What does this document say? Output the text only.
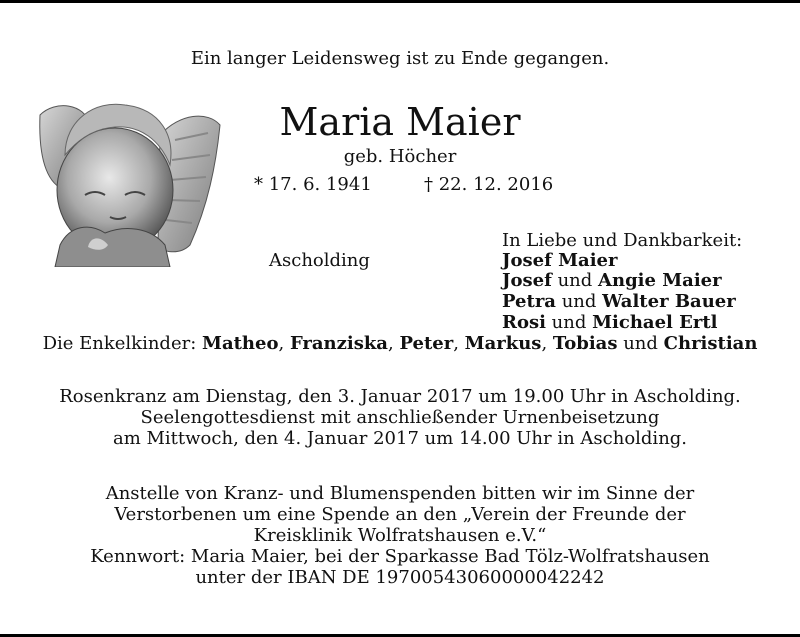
Ein langer Leidensweg ist zu Ende gegangen.
Maria Maier
geb. Höcher
* 17. 6. 1941	† 22. 12. 2016
Ascholding
In Liebe und Dankbarkeit:
Josef Maier
Josef und Angie Maier
Petra und Walter Bauer
Rosi und Michael Ertl
Die Enkelkinder: Matheo, Franziska, Peter, Markus, Tobias und Christian
Rosenkranz am Dienstag, den 3. Januar 2017 um 19.00 Uhr in Ascholding.
Seelengottesdienst mit anschließender Urnenbeisetzung
am Mittwoch, den 4. Januar 2017 um 14.00 Uhr in Ascholding.
Anstelle von Kranz- und Blumenspenden bitten wir im Sinne der
Verstorbenen um eine Spende an den „Verein der Freunde der
Kreisklinik Wolfratshausen e.V.“
Kennwort: Maria Maier, bei der Sparkasse Bad Tölz-Wolfratshausen
unter der IBAN DE 19700543060000042242
